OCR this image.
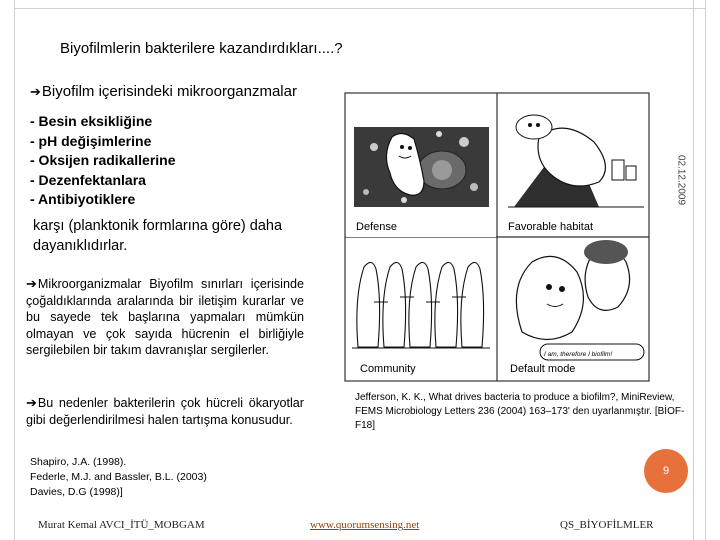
Biyofilmlerin bakterilere kazandırdıkları....?
➔Biyofilm içerisindeki mikroorganzmalar
- Besin eksikliğine
- pH değişimlerine
- Oksijen radikallerine
- Dezenfektanlara
- Antibiyotiklere
karşı (planktonik formlarına göre) daha dayanıklıdırlar.
➔Mikroorganizmalar Biyofilm sınırları içerisinde çoğaldıklarında aralarında bir iletişim kurarlar ve bu sayede tek başlarına yapmaları mümkün olmayan ve çok sayıda hücrenin el birliğiyle sergilebilen bir takım davranışlar sergilerler.
➔Bu nedenler bakterilerin çok hücreli ökaryotlar gibi değerlendirilmesi halen tartışma konusudur.
Shapiro, J.A. (1998).
Federle, M.J. and Bassler, B.L. (2003)
Davies, D.G (1998)]
02.12.2009
Defense	Favorable habitat
Community
I am, therefore I biofilm!
Default mode
Jefferson, K. K., What drives bacteria to produce a biofilm?, MiniReview, FEMS Microbiology Letters 236 (2004) 163–173' den uyarlanmıştır. [BİOF-F18]
9
Murat Kemal AVCI_İTÜ_MOBGAM	www.quorumsensing.net	QS_BİYOFİLMLER
